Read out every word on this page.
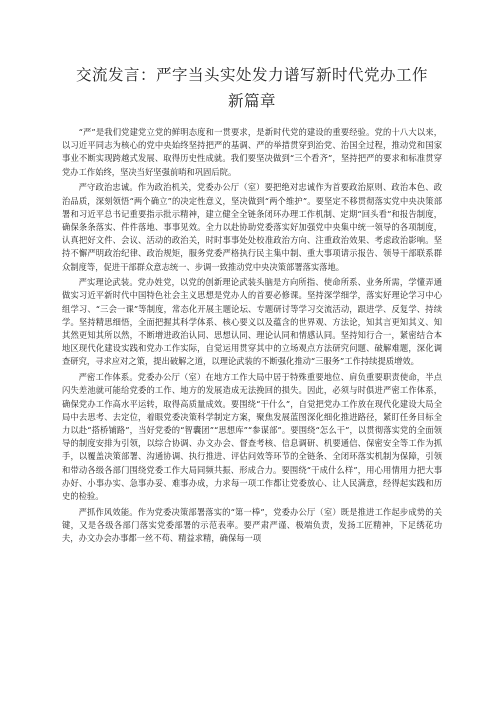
交流发言：严字当头实处发力谱写新时代党办工作
新篇章

“严”是我们党建党立党的鲜明态度和一贯要求，是新时代党的建设的重要经验。党的十八大以来，以习近平同志为核心的党中央始终坚持把严的基调、严的举措贯穿到治党、治国全过程，推动党和国家事业不断实现跨越式发展、取得历史性成就。我们要坚决做到“三个看齐”，坚持把严的要求和标准贯穿党办工作始终，坚决当好坚强前哨和巩固后院。

严守政治忠诚。作为政治机关，党委办公厅（室）要把绝对忠诚作为首要政治原则、政治本色、政治品质，深刻领悟“两个确立”的决定性意义，坚决做到“两个维护”。要坚定不移贯彻落实党中央决策部署和习近平总书记重要指示批示精神，建立健全全链条闭环办理工作机制、定期“回头看”和报告制度，确保条条落实、件件落地、事事见效。全力以赴协助党委落实好加强党中央集中统一领导的各项制度，认真把好文件、会议、活动的政治关，时时事事处处校准政治方向、注重政治效果、考虑政治影响。坚持不懈严明政治纪律、政治规矩，服务党委严格执行民主集中制、重大事项请示报告、领导干部联系群众制度等，促进干部群众意志统一、步调一致推动党中央决策部署落实落地。

严实理论武装。党办姓党，以党的创新理论武装头脑是方向所指、使命所系、业务所需，学懂弄通做实习近平新时代中国特色社会主义思想是党办人的首要必修课。坚持深学细学，落实好理论学习中心组学习、“三会一课”等制度，常态化开展主题论坛、专题研讨等学习交流活动，跟进学、反复学、持续学。坚持精思细悟，全面把握其科学体系、核心要义以及蕴含的世界观、方法论，知其言更知其义、知其然更知其所以然，不断增进政治认同、思想认同、理论认同和情感认同。坚持知行合一，紧密结合本地区现代化建设实践和党办工作实际，自觉运用贯穿其中的立场观点方法研究问题、破解难题，深化调查研究，寻求应对之策，提出破解之道，以理论武装的不断强化推动“三服务”工作持续提质增效。

严密工作体系。党委办公厅（室）在地方工作大局中居于特殊重要地位、肩负重要职责使命，半点闪失差池就可能给党委的工作、地方的发展造成无法挽回的损失。因此，必须与时俱进严密工作体系，确保党办工作高水平运转，取得高质量成效。要围绕“干什么”，自觉把党办工作放在现代化建设大局全局中去思考、去定位，着眼党委决策科学制定方案，聚焦发展蓝图深化细化推进路径，紧盯任务目标全力以赴“搭桥铺路”，当好党委的“智囊团”“思想库”“参谋部”。要围绕“怎么干”，以贯彻落实党的全面领导的制度安排为引领，以综合协调、办文办会、督查考核、信息调研、机要通信、保密安全等工作为抓手，以覆盖决策部署、沟通协调、执行推进、评估问效等环节的全链条、全闭环落实机制为保障，引领和带动各级各部门围绕党委工作大局同频共振、形成合力。要围绕“干成什么样”，用心用情用力把大事办好、小事办实、急事办妥、难事办成，力求每一项工作都让党委放心、让人民满意，经得起实践和历史的检验。

严抓作风效能。作为党委决策部署落实的“第一棒”，党委办公厅（室）既是推进工作起步成势的关键，又是各级各部门落实党委部署的示范表率。要严肃严谨、极端负责，发扬工匠精神，下足绣花功夫，办文办会办事都一丝不苟、精益求精，确保每一项
